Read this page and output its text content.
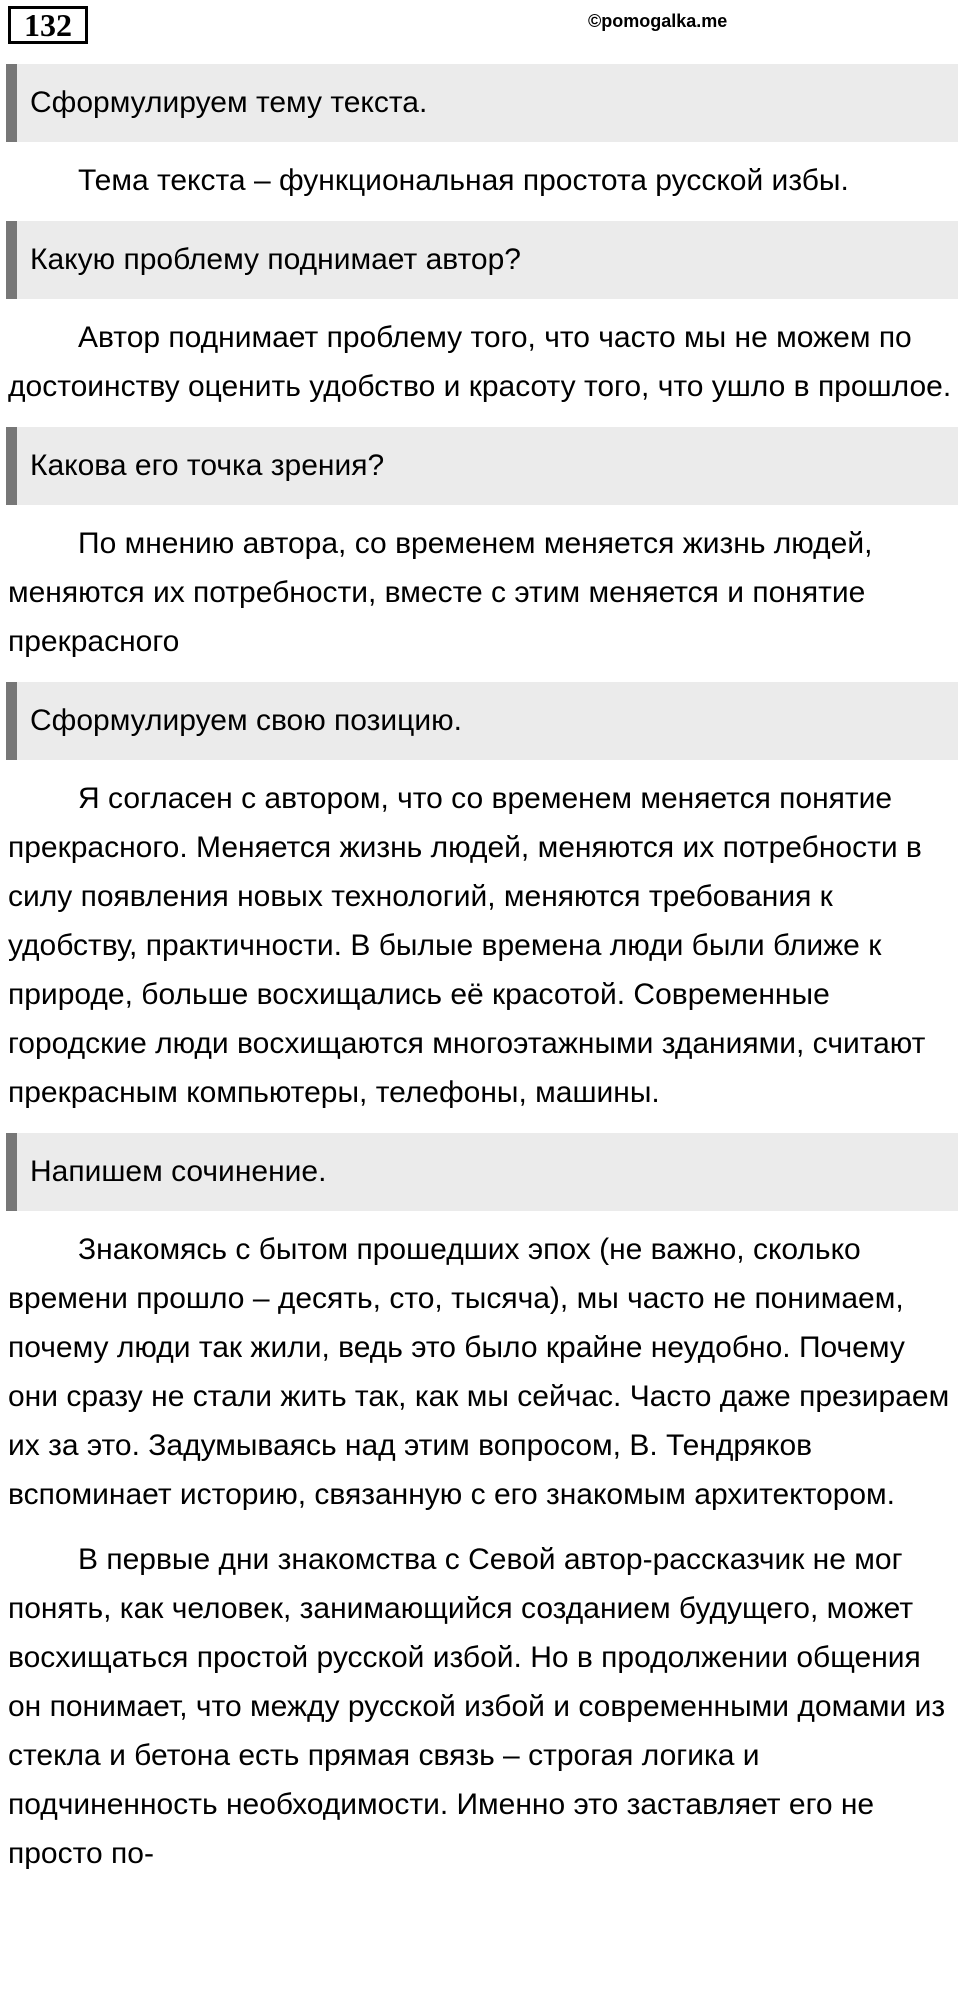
132	©pomogalka.me
Сформулируем тему текста.

Тема текста – функциональная простота русской избы.

Какую проблему поднимает автор?

Автор поднимает проблему того, что часто мы не можем по достоинству оценить удобство и красоту того, что ушло в прошлое.

Какова его точка зрения?

По мнению автора, со временем меняется жизнь людей, меняются их потребности, вместе с этим меняется и понятие прекрасного

Сформулируем свою позицию.

Я согласен с автором, что со временем меняется понятие прекрасного. Меняется жизнь людей, меняются их потребности в силу появления новых технологий, меняются требования к удобству, практичности. В былые времена люди были ближе к природе, больше восхищались её красотой. Современные городские люди восхищаются многоэтажными зданиями, считают прекрасным компьютеры, телефоны, машины.

Напишем сочинение.

Знакомясь с бытом прошедших эпох (не важно, сколько времени прошло – десять, сто, тысяча), мы часто не понимаем, почему люди так жили, ведь это было крайне неудобно. Почему они сразу не стали жить так, как мы сейчас. Часто даже презираем их за это. Задумываясь над этим вопросом, В. Тендряков вспоминает историю, связанную с его знакомым архитектором.

В первые дни знакомства с Севой автор-рассказчик не мог понять, как человек, занимающийся созданием будущего, может восхищаться простой русской избой. Но в продолжении общения он понимает, что между русской избой и современными домами из стекла и бетона есть прямая связь – строгая логика и подчиненность необходимости. Именно это заставляет его не просто по-
